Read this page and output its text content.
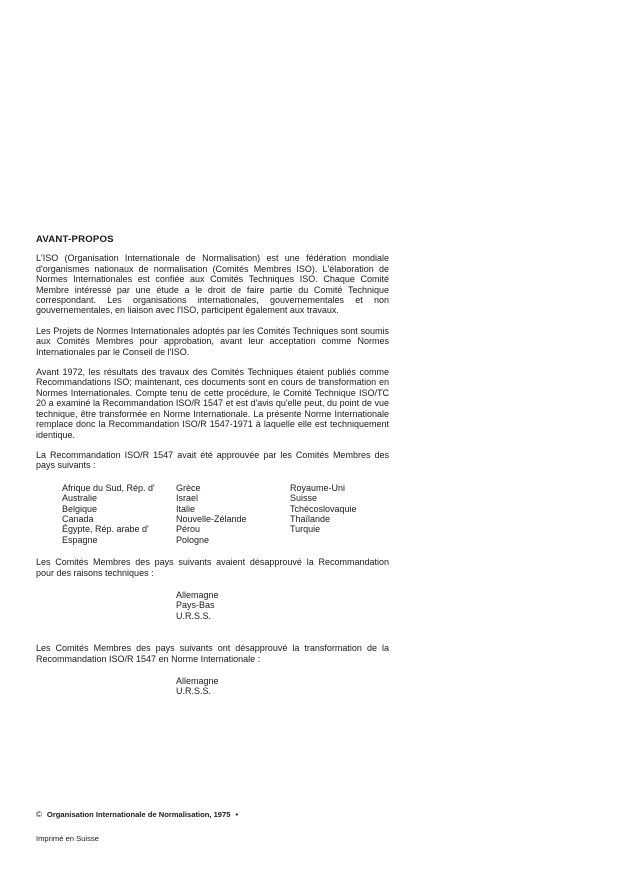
AVANT-PROPOS

L'ISO (Organisation Internationale de Normalisation) est une fédération mondiale d'organismes nationaux de normalisation (Comités Membres ISO). L'élaboration de Normes Internationales est confiée aux Comités Techniques ISO. Chaque Comité Membre intéressé par une étude a le droit de faire partie du Comité Technique correspondant. Les organisations internationales, gouvernementales et non gouvernementales, en liaison avec l'ISO, participent également aux travaux.

Les Projets de Normes Internationales adoptés par les Comités Techniques sont soumis aux Comités Membres pour approbation, avant leur acceptation comme Normes Internationales par le Conseil de l'ISO.

Avant 1972, les résultats des travaux des Comités Techniques étaient publiés comme Recommandations ISO; maintenant, ces documents sont en cours de transformation en Normes Internationales. Compte tenu de cette procédure, le Comité Technique ISO/TC 20 a examiné la Recommandation ISO/R 1547 et est d'avis qu'elle peut, du point de vue technique, être transformée en Norme Internationale. La présente Norme Internationale remplace donc la Recommandation ISO/R 1547-1971 à laquelle elle est techniquement identique.

La Recommandation ISO/R 1547 avait été approuvée par les Comités Membres des pays suivants :

Afrique du Sud, Rép. d'	Grèce	Royaume-Uni
Australie	Israel	Suisse
Belgique	Italie	Tchécoslovaquie
Canada	Nouvelle-Zélande	Thaïlande
Égypte, Rép. arabe d'	Pérou	Turquie
Espagne	Pologne

Les Comités Membres des pays suivants avaient désapprouvé la Recommandation pour des raisons techniques :

Allemagne
Pays-Bas
U.R.S.S.

Les Comités Membres des pays suivants ont désapprouvé la transformation de la Recommandation ISO/R 1547 en Norme Internationale :

Allemagne
U.R.S.S.
© Organisation Internationale de Normalisation, 1975 •
Imprimé en Suisse
